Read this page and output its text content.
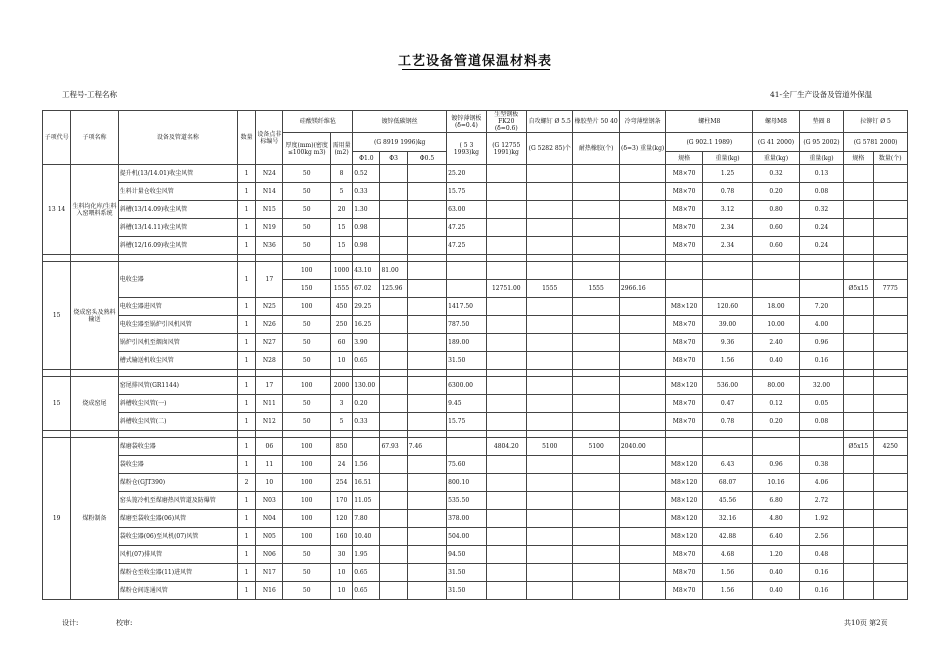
工艺设备管道保温材料表
工程号-工程名称	41-全厂生产设备及管道外保温
子项代号	子项名称	设备及管道名称	数量	设备点非标编号	硅酸镁纤维毡		镀锌低碳钢丝			镀锌薄钢板(δ=0.4)	生型钢板FK20 (δ=0.6)	自攻螺钉 Ø 5.5	橡胶垫片 50 40	冷弯薄壁钢条	螺柱M8		螺母M8	垫圈 8	拉铆钉 Ø 5	
					厚度(mm)(密度≤100kg m3)	需用量(m2)	(G 8919 1996)kg			( 5 3 1993)kg	(G 12755 1991)kg	(G 5282 85)个	耐热橡胶(个)	(δ=3) 重量(kg)	(G 902.1 1989)		(G 41 2000)	(G 95 2002)	(G 5781 2000)	
							Φ1.0	Φ3	Φ0.5						规格	重量(kg)	重量(kg)	重量(kg)	规格	数量(个)
13 14	生料均化库/生料入窑喂料系统	提升机(13/14.01)收尘风管	1	N24	50	8	0.52			25.20					M8×70	1.25	0.32	0.13		
		生料计量仓收尘风管	1	N14	50	5	0.33			15.75					M8×70	0.78	0.20	0.08		
		斜槽(13/14.09)收尘风管	1	N15	50	20	1.30			63.00					M8×70	3.12	0.80	0.32		
		斜槽(13/14.11)收尘风管	1	N19	50	15	0.98			47.25					M8×70	2.34	0.60	0.24		
		斜槽(12/16.09)收尘风管	1	N36	50	15	0.98			47.25					M8×70	2.34	0.60	0.24		

15	烧成窑头及熟料输送	电收尘器	1	17	100	1000	43.10	81.00												
					150	1555	67.02	125.96			12751.00	1555	1555	2966.16					Ø5x15	7775
		电收尘器进风管	1	N25	100	450	29.25			1417.50					M8×120	120.60	18.00	7.20		
		电收尘器至锅炉引风机风管	1	N26	50	250	16.25			787.50					M8×70	39.00	10.00	4.00		
		锅炉引风机至烟囱风管	1	N27	50	60	3.90			189.00					M8×70	9.36	2.40	0.96		
		槽式输送机收尘风管	1	N28	50	10	0.65			31.50					M8×70	1.56	0.40	0.16		

15	烧成窑尾	窑尾排风管(GR1144)	1	17	100	2000	130.00			6300.00					M8×120	536.00	80.00	32.00		
		斜槽收尘风管(一)	1	N11	50	3	0.20			9.45					M8×70	0.47	0.12	0.05		
		斜槽收尘风管(二)	1	N12	50	5	0.33			15.75					M8×70	0.78	0.20	0.08		

19	煤粉制备	煤磨袋收尘器	1	06	100	850		67.93	7.46		4804.20	5100	5100	2040.00					Ø5x15	4250
		袋收尘器	1	11	100	24	1.56			75.60					M8×120	6.43	0.96	0.38		
		煤粉仓(GJT390)	2	10	100	254	16.51			800.10					M8×120	68.07	10.16	4.06		
		窑头篦冷机至煤磨热风管道及防爆管	1	N03	100	170	11.05			535.50					M8×120	45.56	6.80	2.72		
		煤磨至袋收尘器(06)风管	1	N04	100	120	7.80			378.00					M8×120	32.16	4.80	1.92		
		袋收尘器(06)至风机(07)风管	1	N05	100	160	10.40			504.00					M8×120	42.88	6.40	2.56		
		风机(07)排风管	1	N06	50	30	1.95			94.50					M8×70	4.68	1.20	0.48		
		煤粉仓至收尘器(11)进风管	1	N17	50	10	0.65			31.50					M8×70	1.56	0.40	0.16		
		煤粉仓间连通风管	1	N16	50	10	0.65			31.50					M8×70	1.56	0.40	0.16		
设计:	校审:	共10页 第2页
